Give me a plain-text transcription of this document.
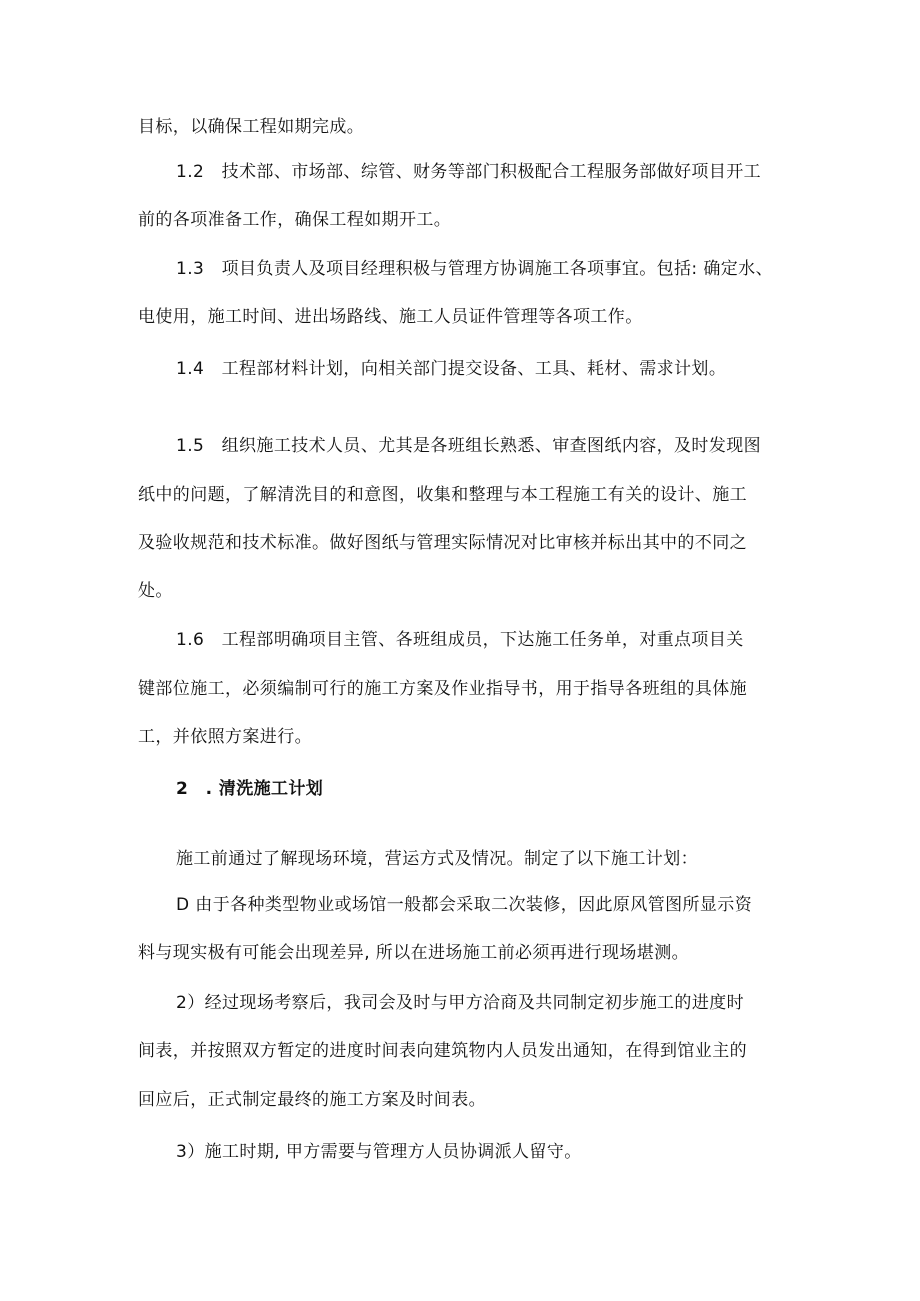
目标，以确保工程如期完成。
1.2　技术部、市场部、综管、财务等部门积极配合工程服务部做好项目开工
前的各项准备工作，确保工程如期开工。
1.3　项目负责人及项目经理积极与管理方协调施工各项事宜。包括: 确定水、
电使用，施工时间、进出场路线、施工人员证件管理等各项工作。
1.4　工程部材料计划，向相关部门提交设备、工具、耗材、需求计划。
1.5　组织施工技术人员、尤其是各班组长熟悉、审查图纸内容，及时发现图
纸中的问题，了解清洗目的和意图，收集和整理与本工程施工有关的设计、施工
及验收规范和技术标准。做好图纸与管理实际情况对比审核并标出其中的不同之
处。
1.6　工程部明确项目主管、各班组成员，下达施工任务单，对重点项目关
键部位施工，必须编制可行的施工方案及作业指导书，用于指导各班组的具体施
工，并依照方案进行。
2　. 清洗施工计划
施工前通过了解现场环境，营运方式及情况。制定了以下施工计划：
D 由于各种类型物业或场馆一般都会采取二次装修，因此原风管图所显示资
料与现实极有可能会出现差异, 所以在进场施工前必须再进行现场堪测。
2）经过现场考察后，我司会及时与甲方洽商及共同制定初步施工的进度时
间表，并按照双方暂定的进度时间表向建筑物内人员发出通知，在得到馆业主的
回应后，正式制定最终的施工方案及时间表。
3）施工时期, 甲方需要与管理方人员协调派人留守。
